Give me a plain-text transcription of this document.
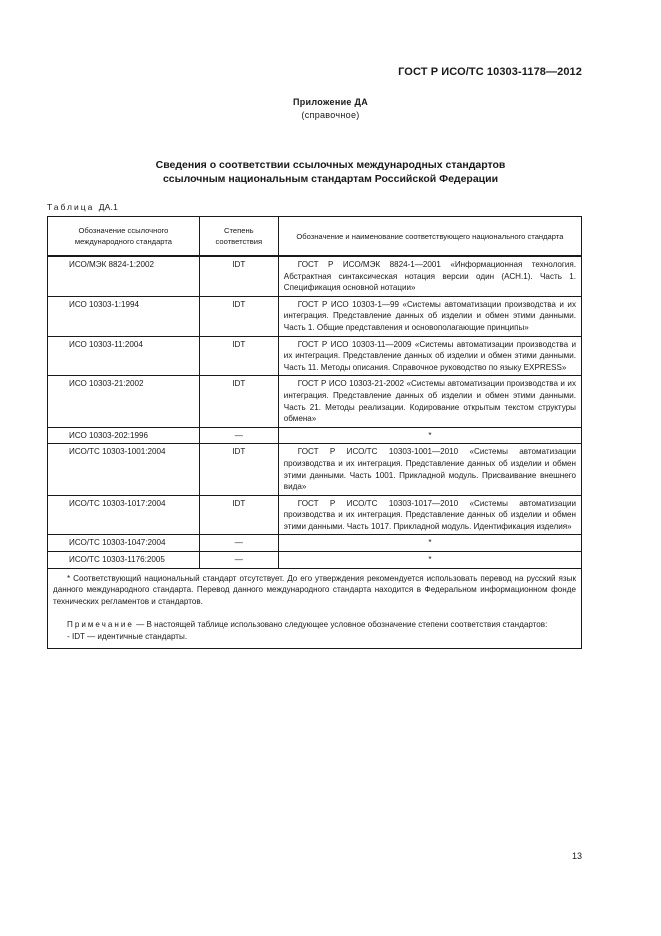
ГОСТ Р ИСО/ТС 10303-1178—2012
Приложение ДА
(справочное)
Сведения о соответствии ссылочных международных стандартов
ссылочным национальным стандартам Российской Федерации
Таблица ДА.1
Обозначение ссылочного международного стандарта	Степень соответствия	Обозначение и наименование соответствующего национального стандарта
ИСО/МЭК 8824-1:2002	IDT	ГОСТ Р ИСО/МЭК 8824-1—2001 «Информационная технология. Абстрактная синтаксическая нотация версии один (АСН.1). Часть 1. Спецификация основной нотации»
ИСО 10303-1:1994	IDT	ГОСТ Р ИСО 10303-1—99 «Системы автоматизации производства и их интеграция. Представление данных об изделии и обмен этими данными. Часть 1. Общие представления и основополагающие принципы»
ИСО 10303-11:2004	IDT	ГОСТ Р ИСО 10303-11—2009 «Системы автоматизации производства и их интеграция. Представление данных об изделии и обмен этими данными. Часть 11. Методы описания. Справочное руководство по языку EXPRESS»
ИСО 10303-21:2002	IDT	ГОСТ Р ИСО 10303-21-2002 «Системы автоматизации производства и их интеграция. Представление данных об изделии и обмен этими данными. Часть 21. Методы реализации. Кодирование открытым текстом структуры обмена»
ИСО 10303-202:1996	—	*
ИСО/ТС 10303-1001:2004	IDT	ГОСТ Р ИСО/ТС 10303-1001—2010 «Системы автоматизации производства и их интеграция. Представление данных об изделии и обмен этими данными. Часть 1001. Прикладной модуль. Присваивание внешнего вида»
ИСО/ТС 10303-1017:2004	IDT	ГОСТ Р ИСО/ТС 10303-1017—2010 «Системы автоматизации производства и их интеграция. Представление данных об изделии и обмен этими данными. Часть 1017. Прикладной модуль. Идентификация изделия»
ИСО/ТС 10303-1047:2004	—	*
ИСО/ТС 10303-1176:2005	—	*

* Соответствующий национальный стандарт отсутствует. До его утверждения рекомендуется использовать перевод на русский язык данного международного стандарта. Перевод данного международного стандарта находится в Федеральном информационном фонде технических регламентов и стандартов.

Примечание — В настоящей таблице использовано следующее условное обозначение степени соответствия стандартов:

- IDT — идентичные стандарты.		

13
